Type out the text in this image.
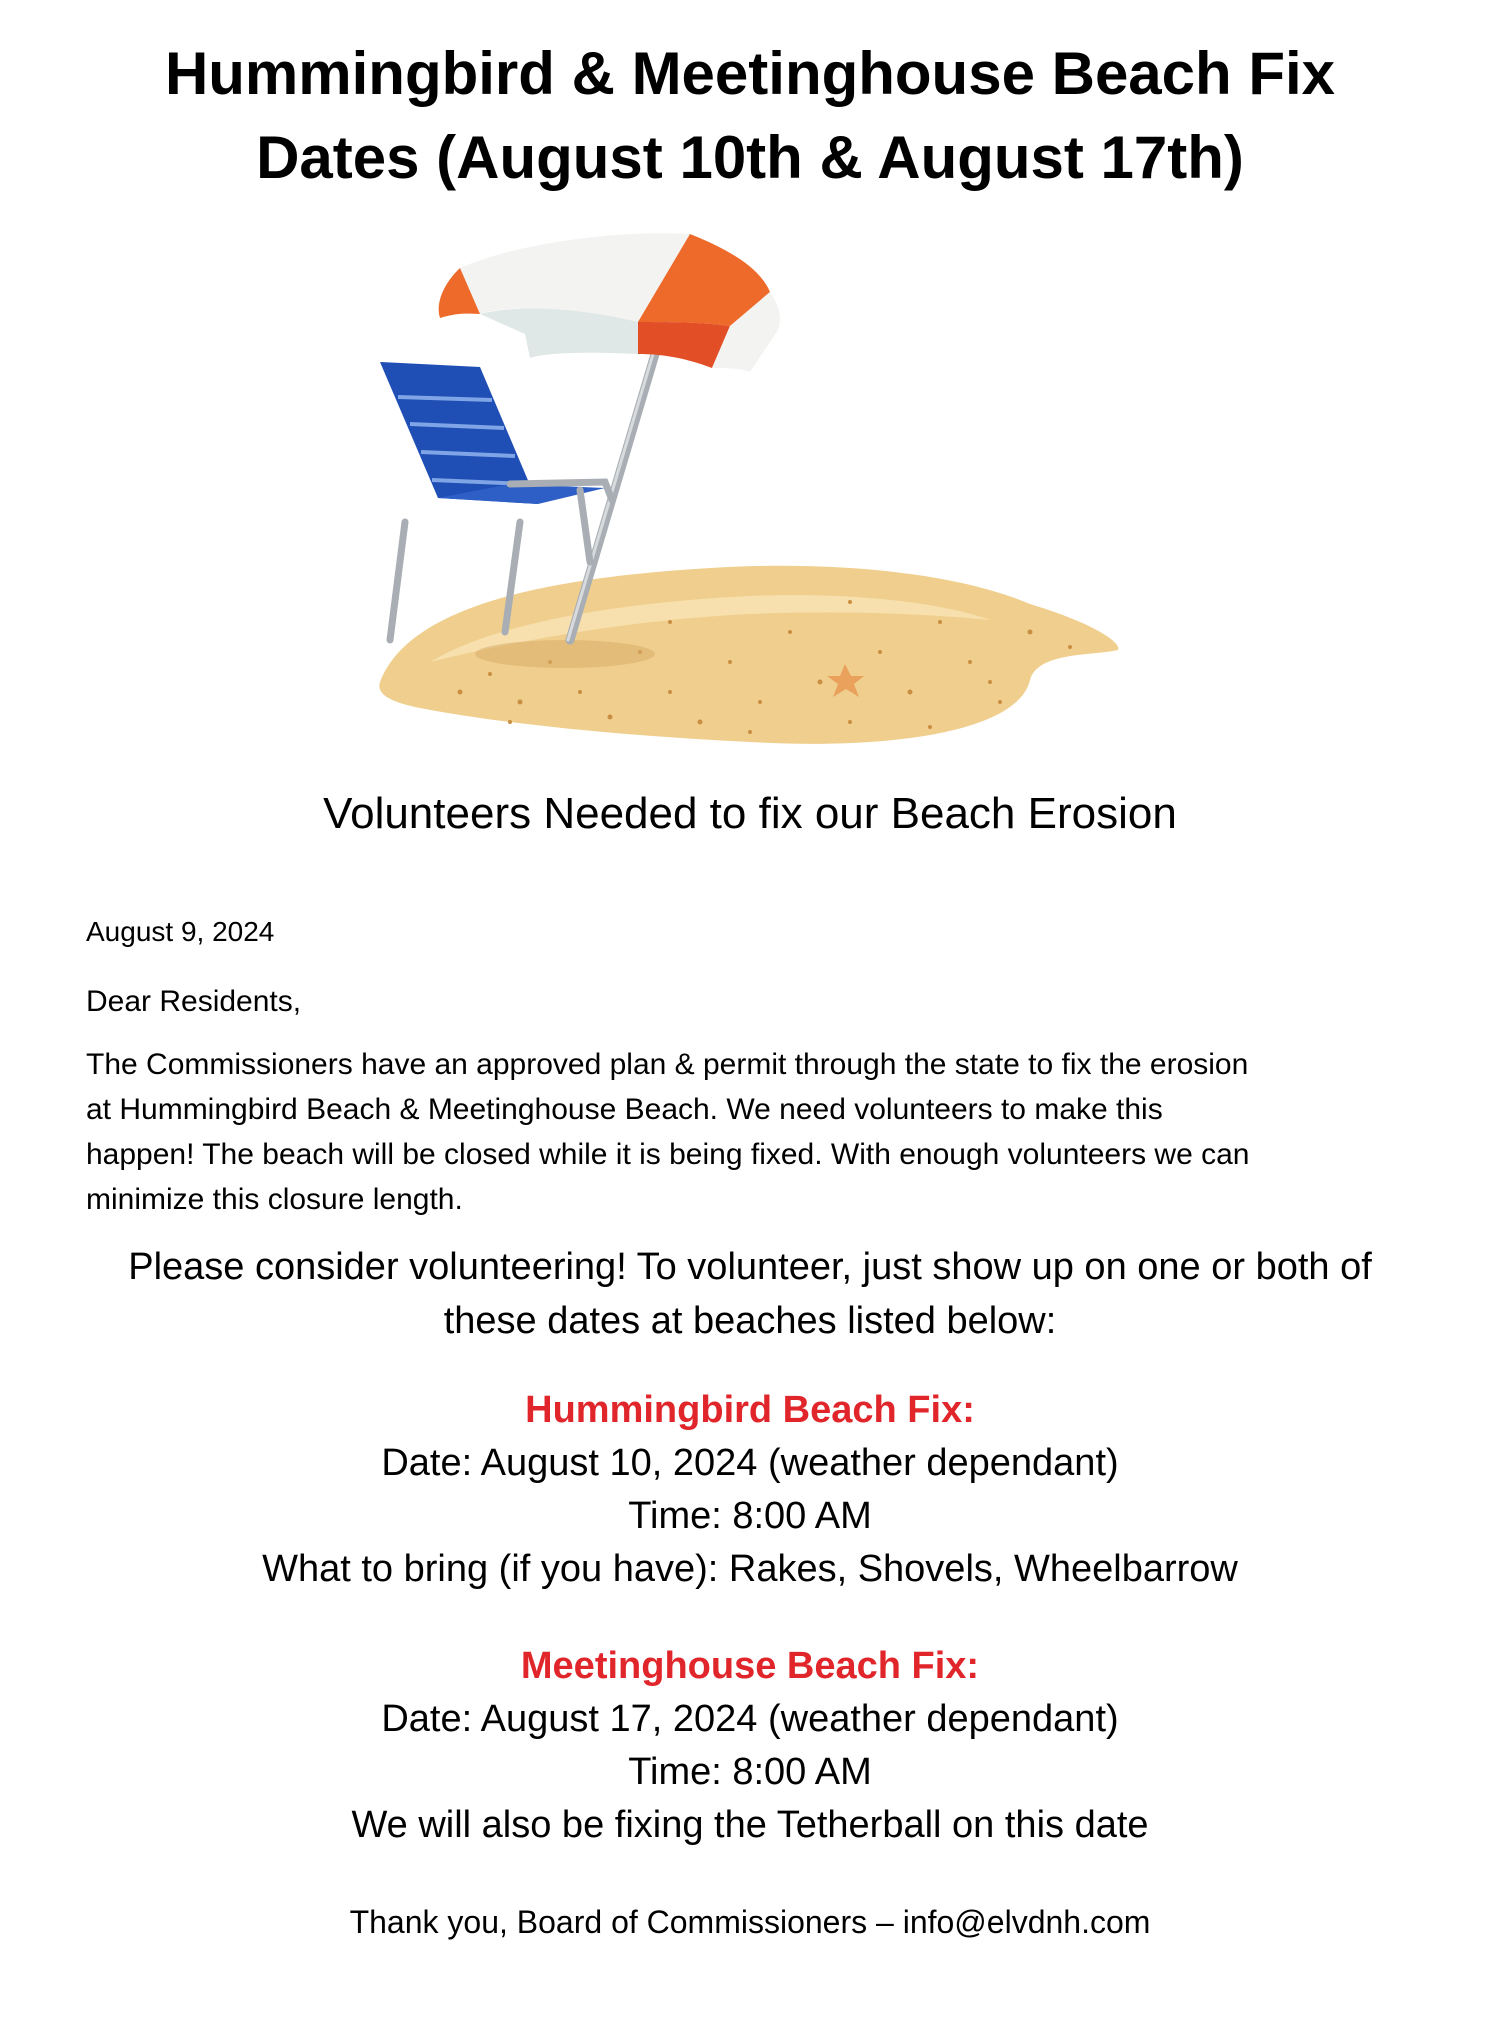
Hummingbird & Meetinghouse Beach Fix
Dates (August 10th & August 17th)
Volunteers Needed to fix our Beach Erosion
August 9, 2024
Dear Residents,
The Commissioners have an approved plan & permit through the state to fix the erosion
at Hummingbird Beach & Meetinghouse Beach. We need volunteers to make this
happen! The beach will be closed while it is being fixed. With enough volunteers we can
minimize this closure length.
Please consider volunteering! To volunteer, just show up on one or both of
these dates at beaches listed below:
Hummingbird Beach Fix:
Date: August 10, 2024 (weather dependant)
Time: 8:00 AM
What to bring (if you have): Rakes, Shovels, Wheelbarrow
Meetinghouse Beach Fix:
Date: August 17, 2024 (weather dependant)
Time: 8:00 AM
We will also be fixing the Tetherball on this date
Thank you, Board of Commissioners – info@elvdnh.com
